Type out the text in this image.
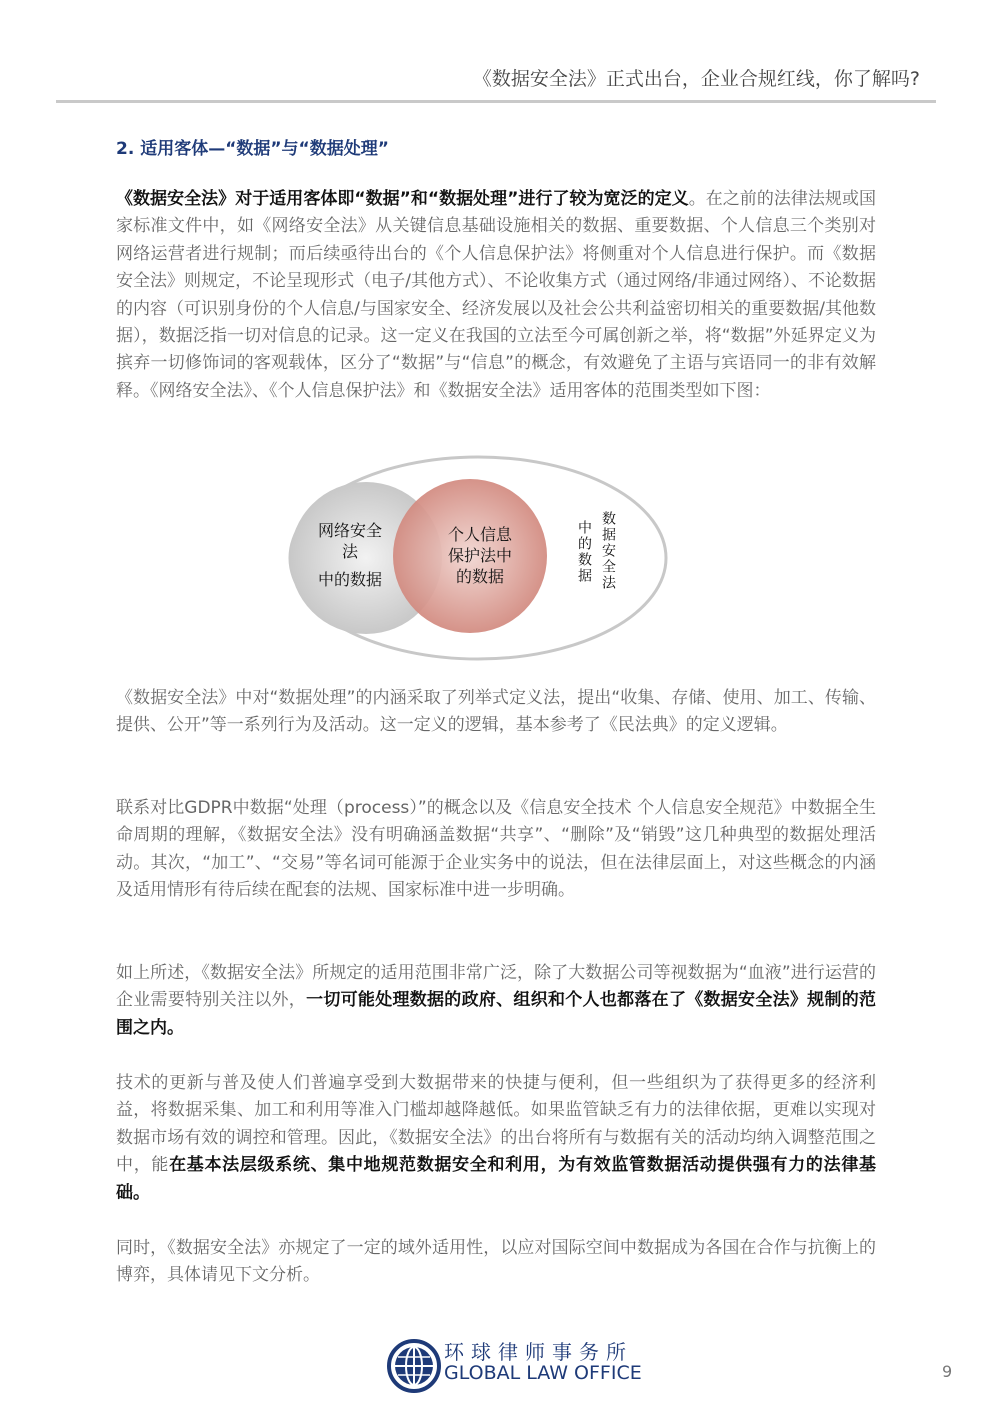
《数据安全法》正式出台，企业合规红线，你了解吗?
2. 适用客体—“数据”与“数据处理”

《数据安全法》对于适用客体即“数据”和“数据处理”进行了较为宽泛的定义。在之前的法律法规或国家标准文件中，如《网络安全法》从关键信息基础设施相关的数据、重要数据、个人信息三个类别对网络运营者进行规制；而后续亟待出台的《个人信息保护法》将侧重对个人信息进行保护。而《数据安全法》则规定，不论呈现形式（电子/其他方式）、不论收集方式（通过网络/非通过网络）、不论数据的内容（可识别身份的个人信息/与国家安全、经济发展以及社会公共利益密切相关的重要数据/其他数据），数据泛指一切对信息的记录。这一定义在我国的立法至今可属创新之举，将“数据”外延界定义为摈弃一切修饰词的客观载体，区分了“数据”与“信息”的概念，有效避免了主语与宾语同一的非有效解释。《网络安全法》、《个人信息保护法》和《数据安全法》适用客体的范围类型如下图：

网络安全
法
中的数据
个人信息
保护法中
的数据	数据安全法
中的数据

《数据安全法》中对“数据处理”的内涵采取了列举式定义法，提出“收集、存储、使用、加工、传输、提供、公开”等一系列行为及活动。这一定义的逻辑，基本参考了《民法典》的定义逻辑。

联系对比GDPR中数据“处理（process）”的概念以及《信息安全技术 个人信息安全规范》中数据全生命周期的理解，《数据安全法》没有明确涵盖数据“共享”、“删除”及“销毁”这几种典型的数据处理活动。其次，“加工”、“交易”等名词可能源于企业实务中的说法，但在法律层面上，对这些概念的内涵及适用情形有待后续在配套的法规、国家标准中进一步明确。

如上所述，《数据安全法》所规定的适用范围非常广泛，除了大数据公司等视数据为“血液”进行运营的企业需要特别关注以外，一切可能处理数据的政府、组织和个人也都落在了《数据安全法》规制的范围之内。

技术的更新与普及使人们普遍享受到大数据带来的快捷与便利，但一些组织为了获得更多的经济利益，将数据采集、加工和利用等准入门槛却越降越低。如果监管缺乏有力的法律依据，更难以实现对数据市场有效的调控和管理。因此，《数据安全法》的出台将所有与数据有关的活动均纳入调整范围之中，能在基本法层级系统、集中地规范数据安全和利用，为有效监管数据活动提供强有力的法律基础。

同时，《数据安全法》亦规定了一定的域外适用性，以应对国际空间中数据成为各国在合作与抗衡上的博弈，具体请见下文分析。

环球律师事务所
GLOBAL LAW OFFICE	9
